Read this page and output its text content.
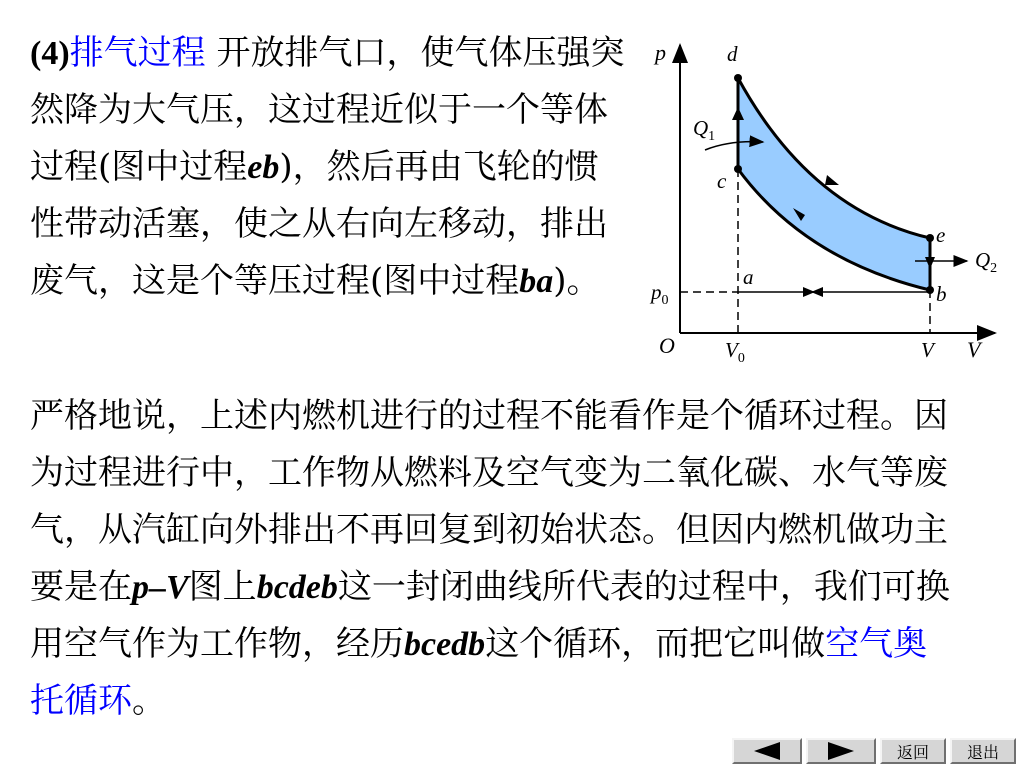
(4)排气过程 开放排气口，使气体压强突然降为大气压，这过程近似于一个等体过程(图中过程eb)，然后再由飞轮的惯性带动活塞，使之从右向左移动，排出废气，这是个等压过程(图中过程ba)。

p
V
O
$p_0$
$V_0$	V
$Q_1$
$Q_2$
d
c
e
b
a

严格地说，上述内燃机进行的过程不能看作是个循环过程。因为过程进行中，工作物从燃料及空气变为二氧化碳、水气等废气，从汽缸向外排出不再回复到初始状态。但因内燃机做功主要是在p–V图上bcdeb这一封闭曲线所代表的过程中，我们可换用空气作为工作物，经历bcedb这个循环，而把它叫做空气奥托循环。

返回	退出
